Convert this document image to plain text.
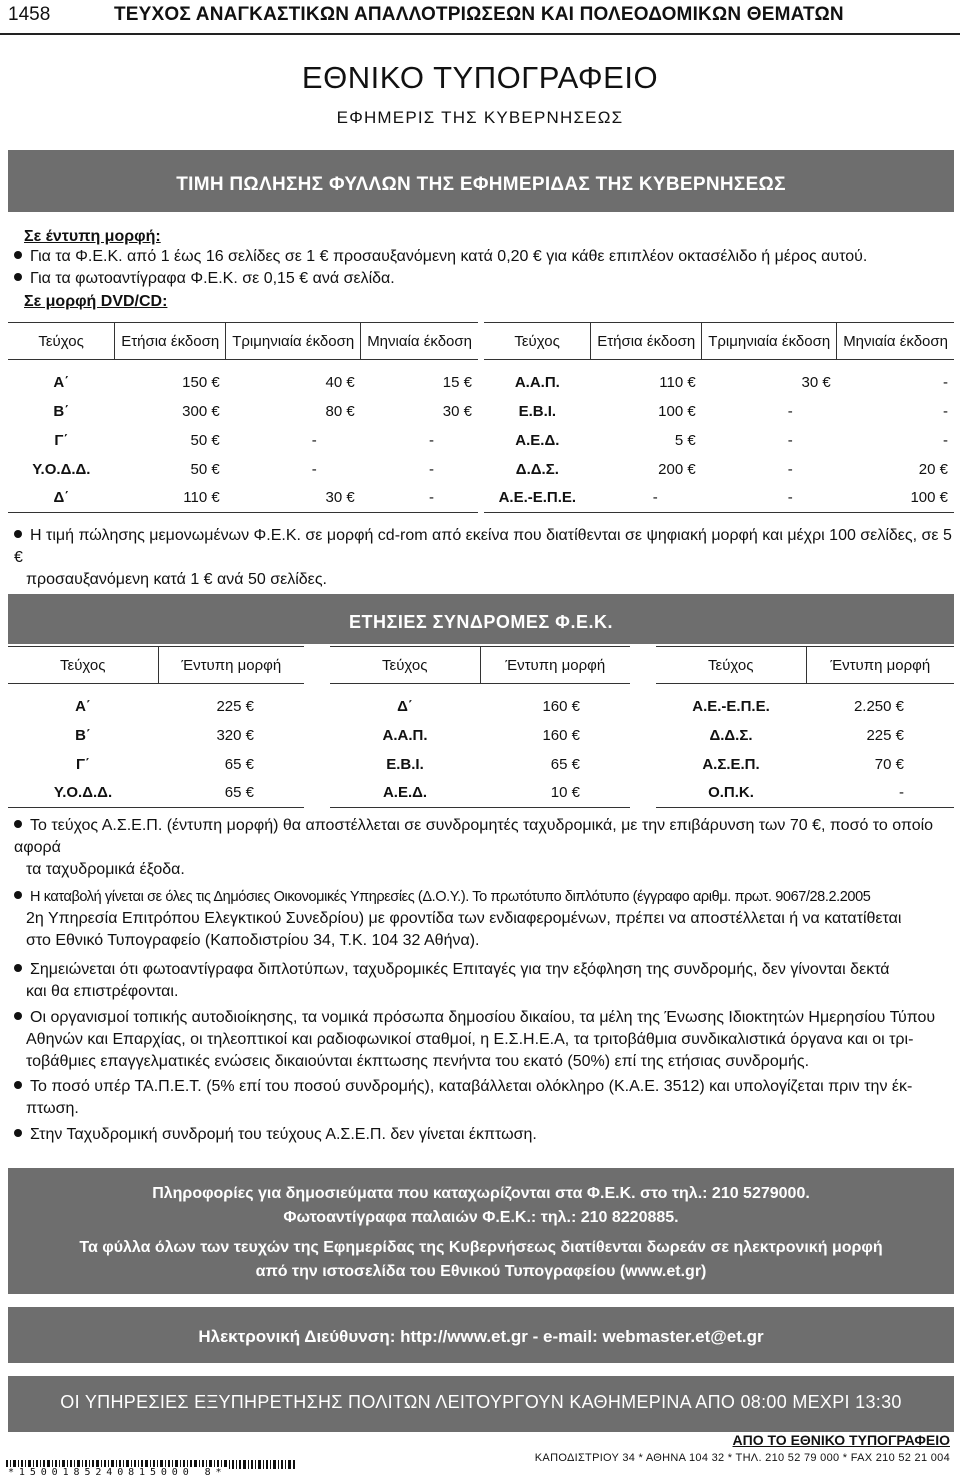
1458	ΤΕΥΧΟΣ ΑΝΑΓΚΑΣΤΙΚΩΝ ΑΠΑΛΛΟΤΡΙΩΣΕΩΝ ΚΑΙ ΠΟΛΕΟΔΟΜΙΚΩΝ ΘΕΜΑΤΩΝ
ΕΘΝΙΚΟ ΤΥΠΟΓΡΑΦΕΙΟ
ΕΦΗΜΕΡΙΣ ΤΗΣ ΚΥΒΕΡΝΗΣΕΩΣ
ΤΙΜΗ ΠΩΛΗΣΗΣ ΦΥΛΛΩΝ ΤΗΣ ΕΦΗΜΕΡΙΔΑΣ ΤΗΣ ΚΥΒΕΡΝΗΣΕΩΣ
Σε έντυπη μορφή:
Για τα Φ.Ε.Κ. από 1 έως 16 σελίδες σε 1 € προσαυξανόμενη κατά 0,20 € για κάθε επιπλέον οκτασέλιδο ή μέρος αυτού.
Για τα φωτοαντίγραφα Φ.Ε.Κ. σε 0,15 € ανά σελίδα.
Σε μορφή DVD/CD:
Τεύχος	Ετήσια έκδοση	Τριμηνιαία έκδοση	Μηνιαία έκδοση

Α΄	150 €	40 €	15 €
Β΄	300 €	80 €	30 €
Γ΄	50 €	-	-
Υ.Ο.Δ.Δ.	50 €	-	-
Δ΄	110 €	30 €	-
Τεύχος	Ετήσια έκδοση	Τριμηνιαία έκδοση	Μηνιαία έκδοση

Α.Α.Π.	110 €	30 €	-
Ε.Β.Ι.	100 €	-	-
Α.Ε.Δ.	5 €	-	-
Δ.Δ.Σ.	200 €	-	20 €
Α.Ε.-Ε.Π.Ε.	-	-	100 €
Η τιμή πώλησης μεμονωμένων Φ.Ε.Κ. σε μορφή cd-rom από εκείνα που διατίθενται σε ψηφιακή μορφή και μέχρι 100 σελίδες, σε 5 €
προσαυξανόμενη κατά 1 € ανά 50 σελίδες.
ΕΤΗΣΙΕΣ ΣΥΝΔΡΟΜΕΣ Φ.Ε.Κ.
Τεύχος	Έντυπη μορφή

Α΄	225 €
Β΄	320 €
Γ΄	65 €
Υ.Ο.Δ.Δ.	65 €
Τεύχος	Έντυπη μορφή

Δ΄	160 €
Α.Α.Π.	160 €
Ε.Β.Ι.	65 €
Α.Ε.Δ.	10 €
Τεύχος	Έντυπη μορφή

Α.Ε.-Ε.Π.Ε.	2.250 €
Δ.Δ.Σ.	225 €
Α.Σ.Ε.Π.	70 €
Ο.Π.Κ.	-
Το τεύχος Α.Σ.Ε.Π. (έντυπη μορφή) θα αποστέλλεται σε συνδρομητές ταχυδρομικά, με την επιβάρυνση των 70 €, ποσό το οποίο αφορά
τα ταχυδρομικά έξοδα.
Η καταβολή γίνεται σε όλες τις Δημόσιες Οικονομικές Υπηρεσίες (Δ.Ο.Υ.). Το πρωτότυπο διπλότυπο (έγγραφο αριθμ. πρωτ. 9067/28.2.2005
2η Υπηρεσία Επιτρόπου Ελεγκτικού Συνεδρίου) με φροντίδα των ενδιαφερομένων, πρέπει να αποστέλλεται ή να κατατίθεται
στο Εθνικό Τυπογραφείο (Καποδιστρίου 34, Τ.Κ. 104 32 Αθήνα).
Σημειώνεται ότι φωτοαντίγραφα διπλοτύπων, ταχυδρομικές Επιταγές για την εξόφληση της συνδρομής, δεν γίνονται δεκτά
και θα επιστρέφονται.
Οι οργανισμοί τοπικής αυτοδιοίκησης, τα νομικά πρόσωπα δημοσίου δικαίου, τα μέλη της Ένωσης Ιδιοκτητών Ημερησίου Τύπου
Αθηνών και Επαρχίας, οι τηλεοπτικοί και ραδιοφωνικοί σταθμοί, η Ε.Σ.Η.Ε.Α, τα τριτοβάθμια συνδικαλιστικά όργανα και οι τρι-
τοβάθμιες επαγγελματικές ενώσεις δικαιούνται έκπτωσης πενήντα του εκατό (50%) επί της ετήσιας συνδρομής.
Το ποσό υπέρ ΤΑ.Π.Ε.Τ. (5% επί του ποσού συνδρομής), καταβάλλεται ολόκληρο (Κ.Α.Ε. 3512) και υπολογίζεται πριν την έκ-
πτωση.
Στην Ταχυδρομική συνδρομή του τεύχους Α.Σ.Ε.Π. δεν γίνεται έκπτωση.
Πληροφορίες για δημοσιεύματα που καταχωρίζονται στα Φ.Ε.Κ. στο τηλ.: 210 5279000.
Φωτοαντίγραφα παλαιών Φ.Ε.Κ.: τηλ.: 210 8220885.
Τα φύλλα όλων των τευχών της Εφημερίδας της Κυβερνήσεως διατίθενται δωρεάν σε ηλεκτρονική μορφή
από την ιστοσελίδα του Εθνικού Τυπογραφείου (www.et.gr)
Ηλεκτρονική Διεύθυνση: http://www.et.gr - e-mail: webmaster.et@et.gr
ΟΙ ΥΠΗΡΕΣΙΕΣ ΕΞΥΠΗΡΕΤΗΣΗΣ ΠΟΛΙΤΩΝ ΛΕΙΤΟΥΡΓΟΥΝ ΚΑΘΗΜΕΡΙΝΑ ΑΠΟ 08:00 ΜΕΧΡΙ 13:30
ΑΠΟ ΤΟ ΕΘΝΙΚΟ ΤΥΠΟΓΡΑΦΕΙΟ
ΚΑΠΟΔΙΣΤΡΙΟΥ 34 * ΑΘΗΝΑ 104 32 * ΤΗΛ. 210 52 79 000 * FAX 210 52 21 004
*1500185240815000 8*
